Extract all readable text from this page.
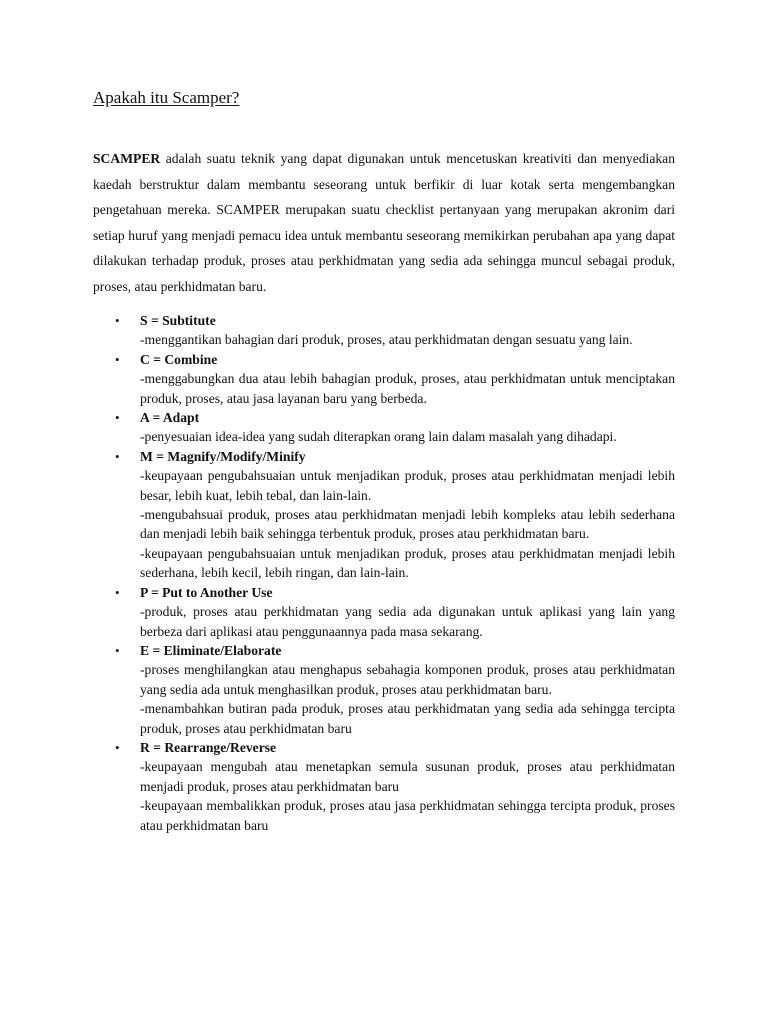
Apakah itu Scamper?

SCAMPER adalah suatu teknik yang dapat digunakan untuk mencetuskan kreativiti dan menyediakan kaedah berstruktur dalam membantu seseorang untuk berfikir di luar kotak serta mengembangkan pengetahuan mereka. SCAMPER merupakan suatu checklist pertanyaan yang merupakan akronim dari setiap huruf yang menjadi pemacu idea untuk membantu seseorang memikirkan perubahan apa yang dapat dilakukan terhadap produk, proses atau perkhidmatan yang sedia ada sehingga muncul sebagai produk, proses, atau perkhidmatan baru.

• S = Subtitute
-menggantikan bahagian dari produk, proses, atau perkhidmatan dengan sesuatu yang lain.
• C = Combine
-menggabungkan dua atau lebih bahagian produk, proses, atau perkhidmatan untuk menciptakan produk, proses, atau jasa layanan baru yang berbeda.
• A = Adapt
-penyesuaian idea-idea yang sudah diterapkan orang lain dalam masalah yang dihadapi.
• M = Magnify/Modify/Minify
-keupayaan pengubahsuaian untuk menjadikan produk, proses atau perkhidmatan menjadi lebih besar, lebih kuat, lebih tebal, dan lain-lain.
-mengubahsuai produk, proses atau perkhidmatan menjadi lebih kompleks atau lebih sederhana dan menjadi lebih baik sehingga terbentuk produk, proses atau perkhidmatan baru.
-keupayaan pengubahsuaian untuk menjadikan produk, proses atau perkhidmatan menjadi lebih sederhana, lebih kecil, lebih ringan, dan lain-lain.
• P = Put to Another Use
-produk, proses atau perkhidmatan yang sedia ada digunakan untuk aplikasi yang lain yang berbeza dari aplikasi atau penggunaannya pada masa sekarang.
• E = Eliminate/Elaborate
-proses menghilangkan atau menghapus sebahagia komponen produk, proses atau perkhidmatan yang sedia ada untuk menghasilkan produk, proses atau perkhidmatan baru.
-menambahkan butiran pada produk, proses atau perkhidmatan yang sedia ada sehingga tercipta produk, proses atau perkhidmatan baru
• R = Rearrange/Reverse
-keupayaan mengubah atau menetapkan semula susunan produk, proses atau perkhidmatan menjadi produk, proses atau perkhidmatan baru
-keupayaan membalikkan produk, proses atau jasa perkhidmatan sehingga tercipta produk, proses atau perkhidmatan baru
